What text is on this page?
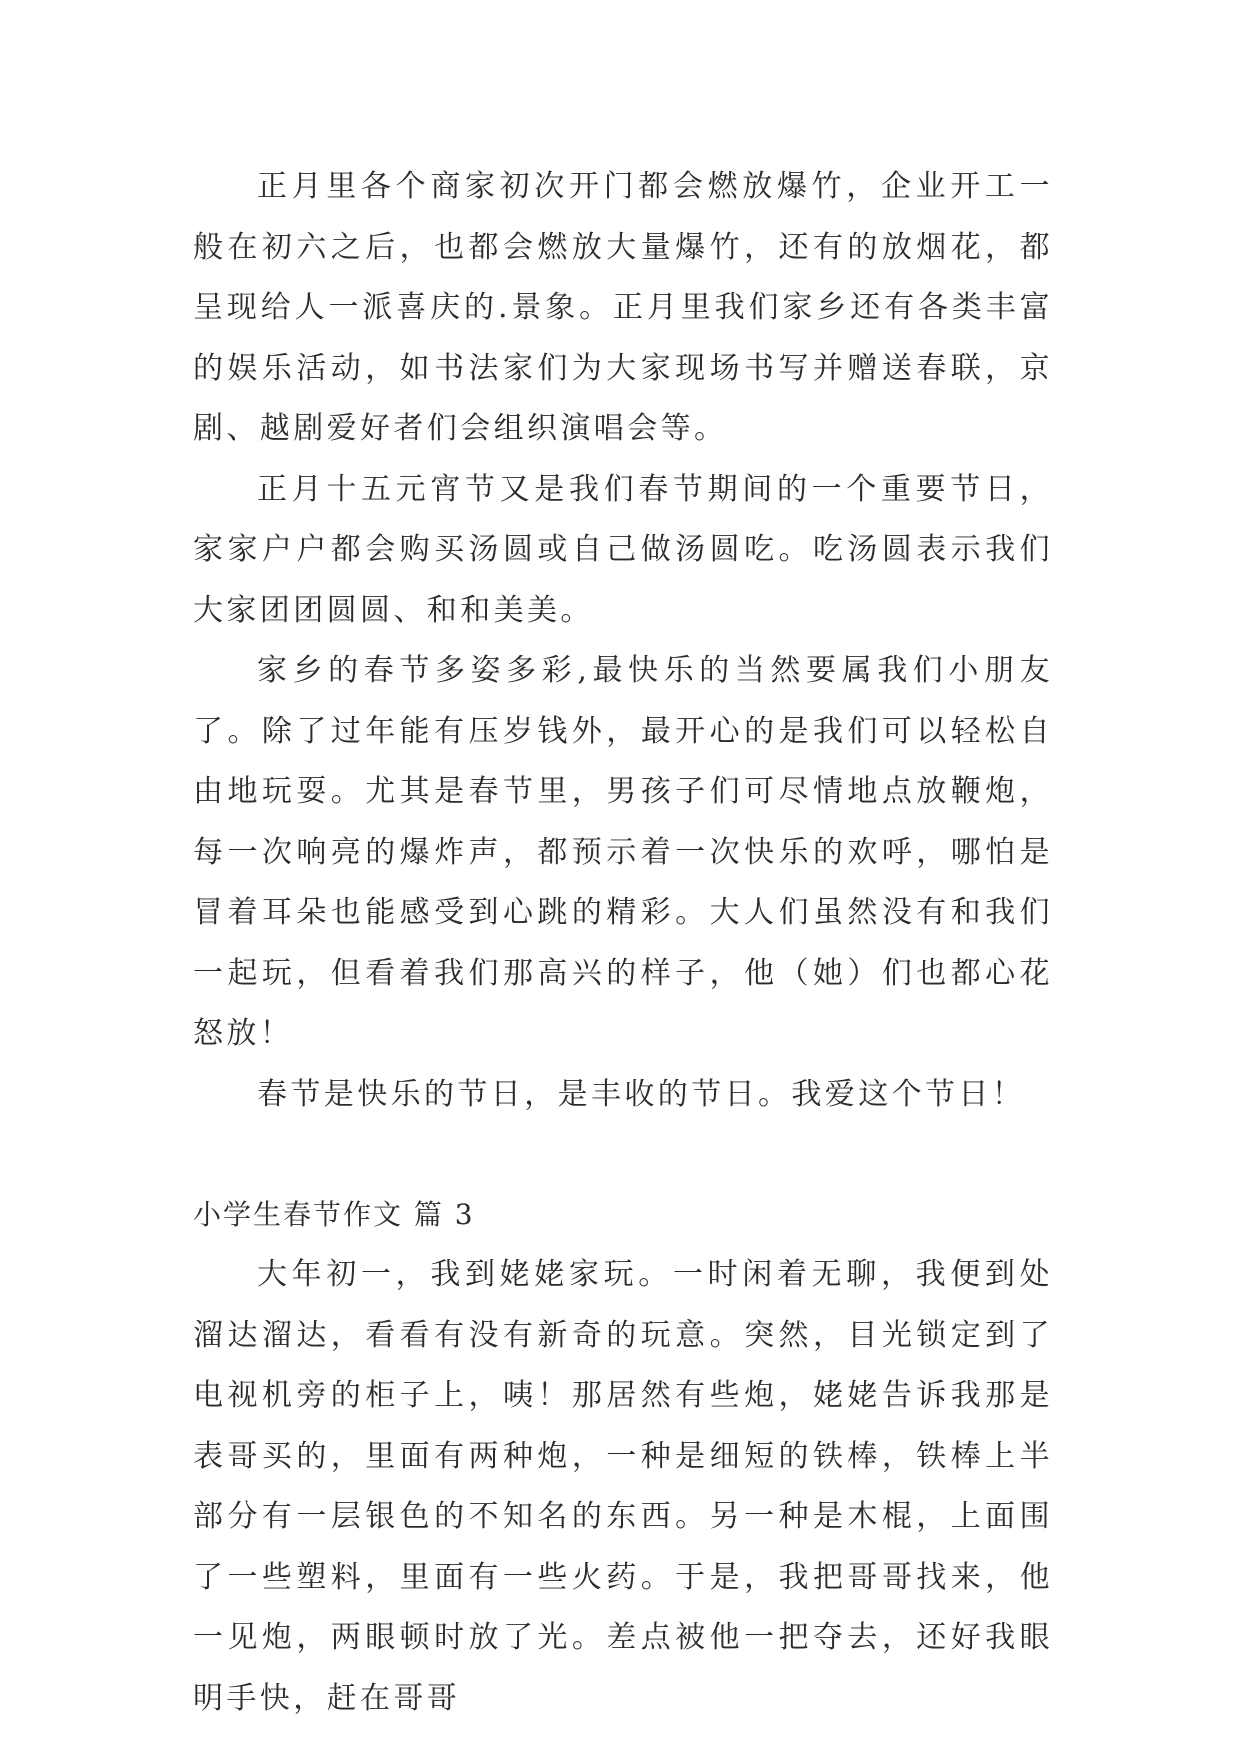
正月里各个商家初次开门都会燃放爆竹，企业开工一般在初六之后，也都会燃放大量爆竹，还有的放烟花，都呈现给人一派喜庆的.景象。正月里我们家乡还有各类丰富的娱乐活动，如书法家们为大家现场书写并赠送春联，京剧、越剧爱好者们会组织演唱会等。

正月十五元宵节又是我们春节期间的一个重要节日，家家户户都会购买汤圆或自己做汤圆吃。吃汤圆表示我们大家团团圆圆、和和美美。

家乡的春节多姿多彩,最快乐的当然要属我们小朋友了。除了过年能有压岁钱外，最开心的是我们可以轻松自由地玩耍。尤其是春节里，男孩子们可尽情地点放鞭炮，每一次响亮的爆炸声，都预示着一次快乐的欢呼，哪怕是冒着耳朵也能感受到心跳的精彩。大人们虽然没有和我们一起玩，但看着我们那高兴的样子，他（她）们也都心花怒放！

春节是快乐的节日，是丰收的节日。我爱这个节日！

小学生春节作文 篇 3

大年初一，我到姥姥家玩。一时闲着无聊，我便到处溜达溜达，看看有没有新奇的玩意。突然，目光锁定到了电视机旁的柜子上，咦！那居然有些炮，姥姥告诉我那是表哥买的，里面有两种炮，一种是细短的铁棒，铁棒上半部分有一层银色的不知名的东西。另一种是木棍，上面围了一些塑料，里面有一些火药。于是，我把哥哥找来，他一见炮，两眼顿时放了光。差点被他一把夺去，还好我眼明手快，赶在哥哥
